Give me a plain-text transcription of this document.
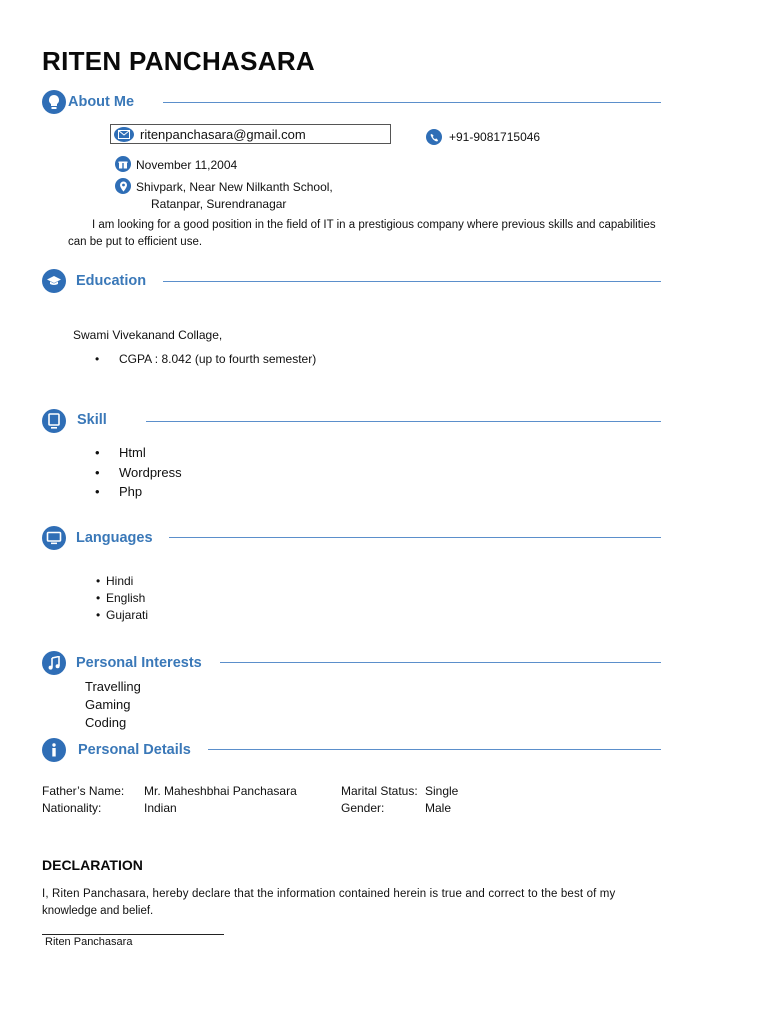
RITEN PANCHASARA
About Me
ritenpanchasara@gmail.com	+91-9081715046
November 11,2004
Shivpark, Near New Nilkanth School,
Ratanpar, Surendranagar
I am looking for a good position in the field of IT in a prestigious company where previous skills and capabilities
can be put to efficient use.
Education
Swami Vivekanand Collage,
• CGPA : 8.042 (up to fourth semester)
Skill
• Html
• Wordpress
• Php
Languages
• Hindi
• English
• Gujarati
Personal Interests
Travelling
Gaming
Coding
Personal Details
Father’s Name: Mr. Maheshbhai Panchasara	Marital Status: Single
Nationality:	Indian	Gender:	Male
DECLARATION
I, Riten Panchasara, hereby declare that the information contained herein is true and correct to the best of my
knowledge and belief.
Riten Panchasara
